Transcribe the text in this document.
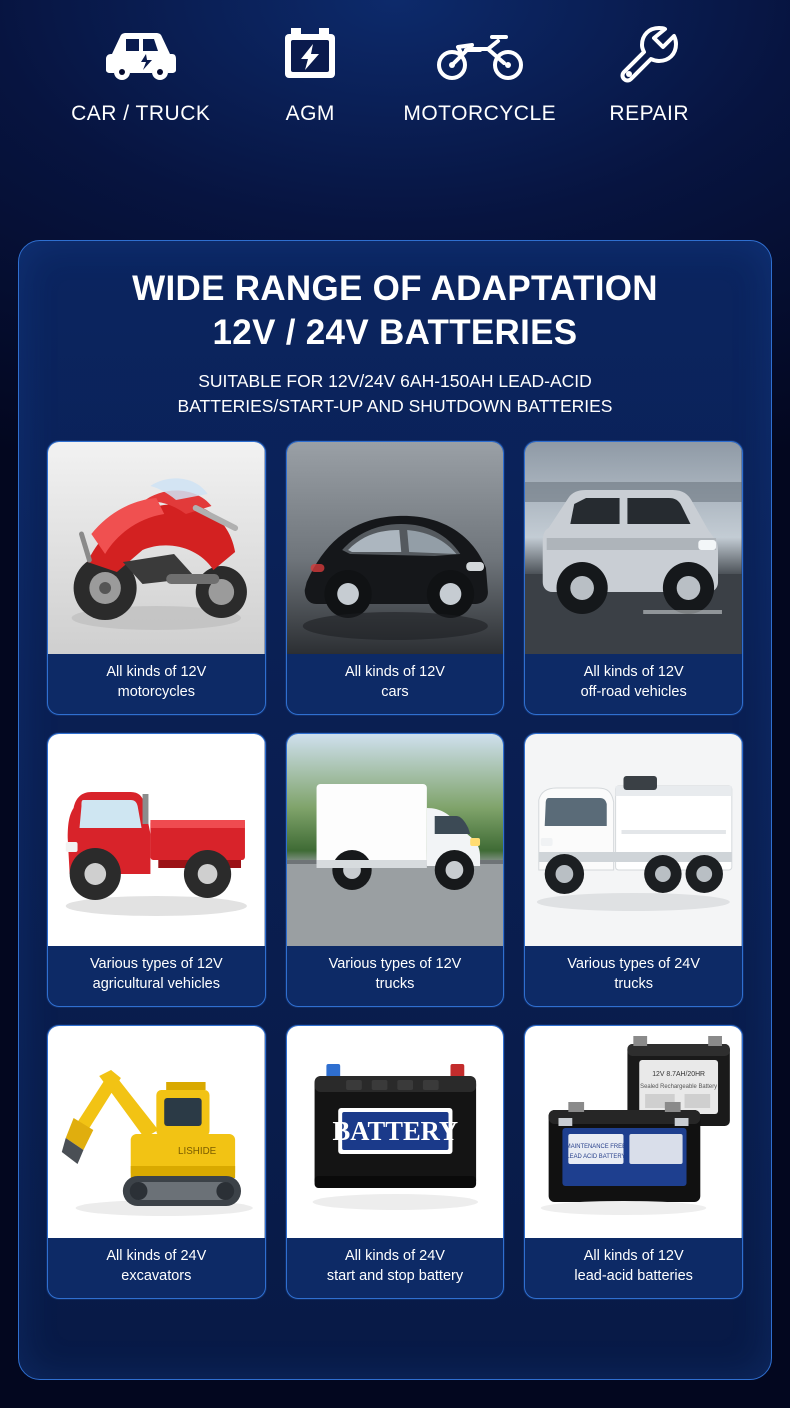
CAR / TRUCK	AGM	MOTORCYCLE	REPAIR
WIDE RANGE OF ADAPTATION
12V / 24V BATTERIES
SUITABLE FOR 12V/24V 6AH-150AH LEAD-ACID
BATTERIES/START-UP AND SHUTDOWN BATTERIES
All kinds of 12V
motorcycles
All kinds of 12V
cars
All kinds of 12V
off-road vehicles
Various types of 12V
agricultural vehicles
Various types of 12V
trucks
Various types of 24V
trucks
LISHIDE
All kinds of 24V
excavators
BATTERY
All kinds of 24V
start and stop battery
12V 8.7AH/20HR
Sealed Rechargeable Battery
MAINTENANCE FREE
LEAD ACID BATTERY
All kinds of 12V
lead-acid batteries
